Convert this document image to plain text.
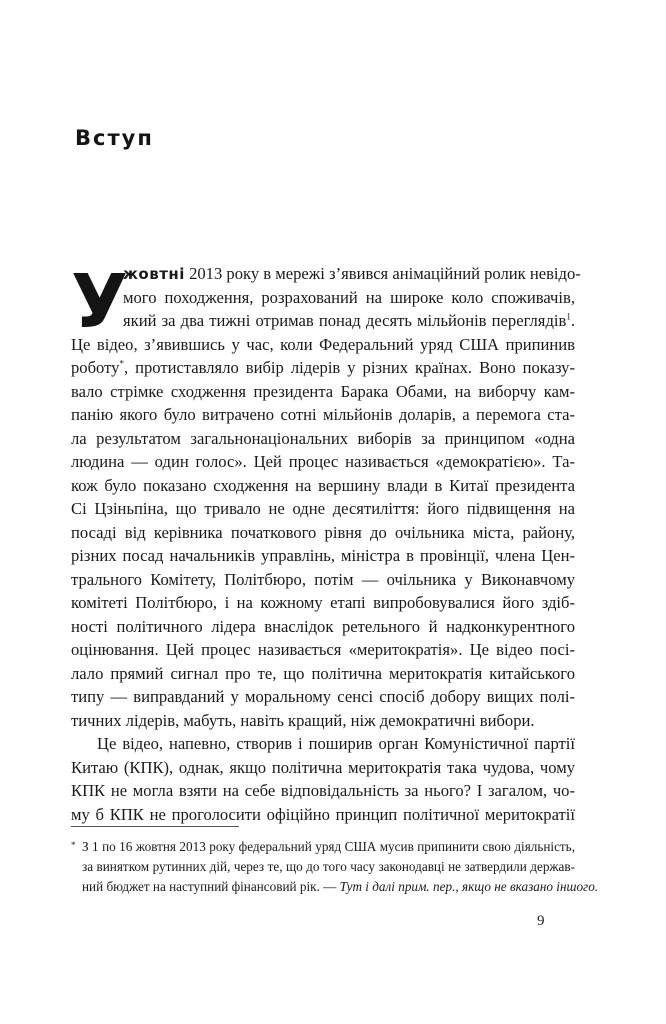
Вступ
У
жовтні 2013 року в мережі з’явився анімаційний ролик невідо-
мого походження, розрахований на широке коло споживачів,
який за два тижні отримав понад десять мільйонів переглядів$^1$.
Це відео, з’явившись у час, коли Федеральний уряд США припинив
роботу*, протиставляло вибір лідерів у різних країнах. Воно показу-
вало стрімке сходження президента Барака Обами, на виборчу кам-
панію якого було витрачено сотні мільйонів доларів, а перемога ста-
ла результатом загальнонаціональних виборів за принципом «одна
людина — один голос». Цей процес називається «демократією». Та-
кож було показано сходження на вершину влади в Китаї президента
Сі Цзіньпіна, що тривало не одне десятиліття: його підвищення на
посаді від керівника початкового рівня до очільника міста, району,
різних посад начальників управлінь, міністра в провінції, члена Цен-
трального Комітету, Політбюро, потім — очільника у Виконавчому
комітеті Політбюро, і на кожному етапі випробовувалися його здіб-
ності політичного лідера внаслідок ретельного й надконкурентного
оцінювання. Цей процес називається «меритократія». Це відео посі-
лало прямий сигнал про те, що політична меритократія китайського
типу — виправданий у моральному сенсі спосіб добору вищих полі-
тичних лідерів, мабуть, навіть кращий, ніж демократичні вибори.
Це відео, напевно, створив і поширив орган Комуністичної партії
Китаю (КПК), однак, якщо політична меритократія така чудова, чому
КПК не могла взяти на себе відповідальність за нього? І загалом, чо-
му б КПК не проголосити офіційно принцип політичної меритократії
* З 1 по 16 жовтня 2013 року федеральний уряд США мусив припинити свою діяльність,
за винятком рутинних дій, через те, що до того часу законодавці не затвердили держав-
ний бюджет на наступний фінансовий рік. — Тут і далі прим. пер., якщо не вказано іншого.
9
